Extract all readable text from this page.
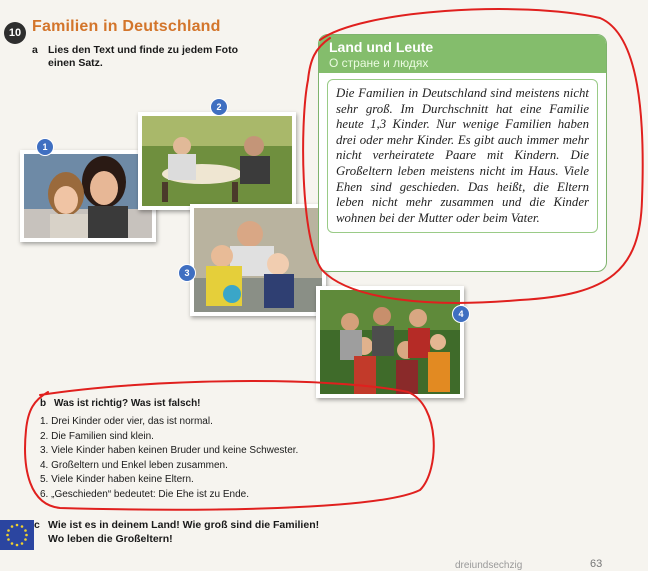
10 Familien in Deutschland
a Lies den Text und finde zu jedem Foto
einen Satz.
1
2
3
4
Land und Leute
О стране и людях
Die Familien in Deutschland sind meistens nicht sehr groß. Im Durchschnitt hat eine Familie heute 1,3 Kinder. Nur wenige Familien haben drei oder mehr Kinder. Es gibt auch immer mehr nicht verheiratete Paare mit Kindern. Die Großeltern leben meistens nicht im Haus. Viele Ehen sind geschieden. Das heißt, die Eltern leben nicht mehr zusammen und die Kinder wohnen bei der Mutter oder beim Vater.
b Was ist richtig? Was ist falsch!
1. Drei Kinder oder vier, das ist normal.
2. Die Familien sind klein.
3. Viele Kinder haben keinen Bruder und keine Schwester.
4. Großeltern und Enkel leben zusammen.
5. Viele Kinder haben keine Eltern.
6. „Geschieden“ bedeutet: Die Ehe ist zu Ende.
c Wie ist es in deinem Land! Wie groß sind die Familien!
Wo leben die Großeltern!
dreiundsechzig	63
